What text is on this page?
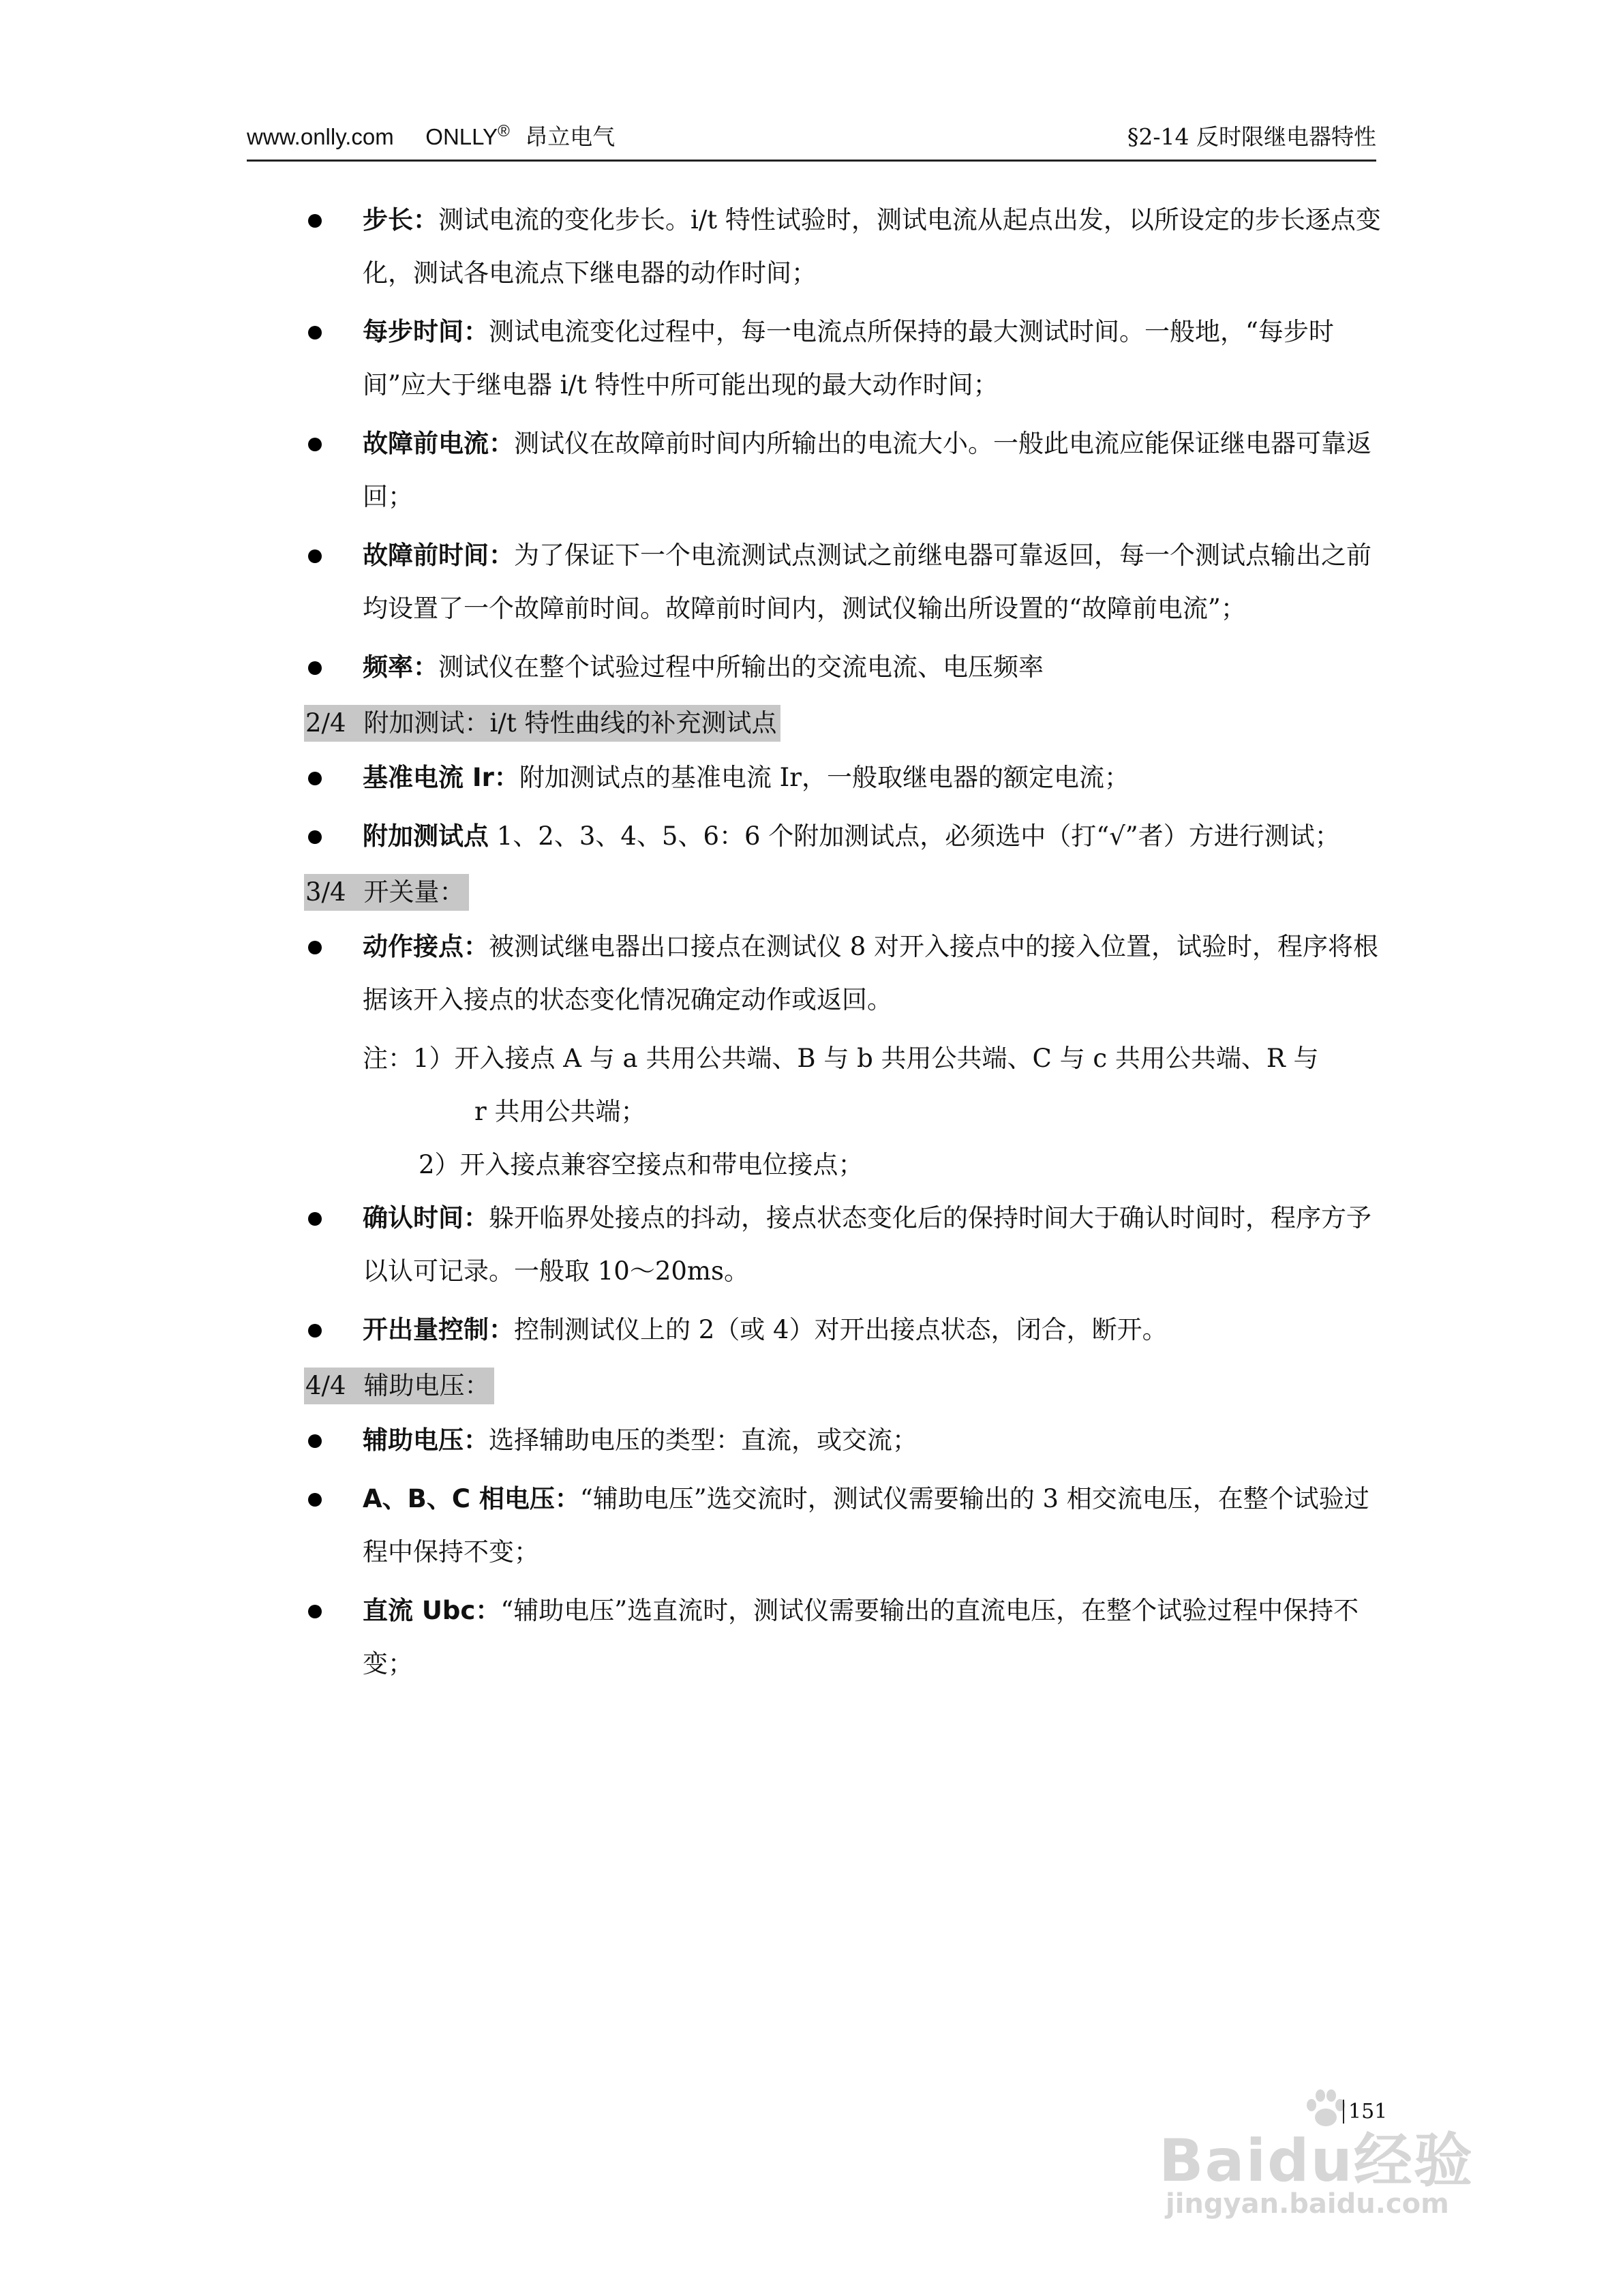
www.onlly.com ONLLY® 昂立电气	§2-14 反时限继电器特性
步长：测试电流的变化步长。i/t 特性试验时，测试电流从起点出发，以所设定的步长逐点变化，测试各电流点下继电器的动作时间；
每步时间：测试电流变化过程中，每一电流点所保持的最大测试时间。一般地，“每步时间”应大于继电器 i/t 特性中所可能出现的最大动作时间；
故障前电流：测试仪在故障前时间内所输出的电流大小。一般此电流应能保证继电器可靠返回；
故障前时间：为了保证下一个电流测试点测试之前继电器可靠返回，每一个测试点输出之前均设置了一个故障前时间。故障前时间内，测试仪输出所设置的“故障前电流”；
频率：测试仪在整个试验过程中所输出的交流电流、电压频率
2/4 附加测试：i/t 特性曲线的补充测试点
基准电流 Ir：附加测试点的基准电流 Ir，一般取继电器的额定电流；
附加测试点 1、2、3、4、5、6：6 个附加测试点，必须选中（打“√”者）方进行测试；
3/4 开关量：
动作接点：被测试继电器出口接点在测试仪 8 对开入接点中的接入位置，试验时，程序将根据该开入接点的状态变化情况确定动作或返回。
注：1）开入接点 A 与 a 共用公共端、B 与 b 共用公共端、C 与 c 共用公共端、R 与
r 共用公共端；
2）开入接点兼容空接点和带电位接点；
确认时间：躲开临界处接点的抖动，接点状态变化后的保持时间大于确认时间时，程序方予以认可记录。一般取 10～20ms。
开出量控制：控制测试仪上的 2（或 4）对开出接点状态，闭合，断开。
4/4 辅助电压：
辅助电压：选择辅助电压的类型：直流，或交流；
A、B、C 相电压：“辅助电压”选交流时，测试仪需要输出的 3 相交流电压，在整个试验过程中保持不变；
直流 Ubc：“辅助电压”选直流时，测试仪需要输出的直流电压，在整个试验过程中保持不变；
Baidu经验
jingyan.baidu.com
151
